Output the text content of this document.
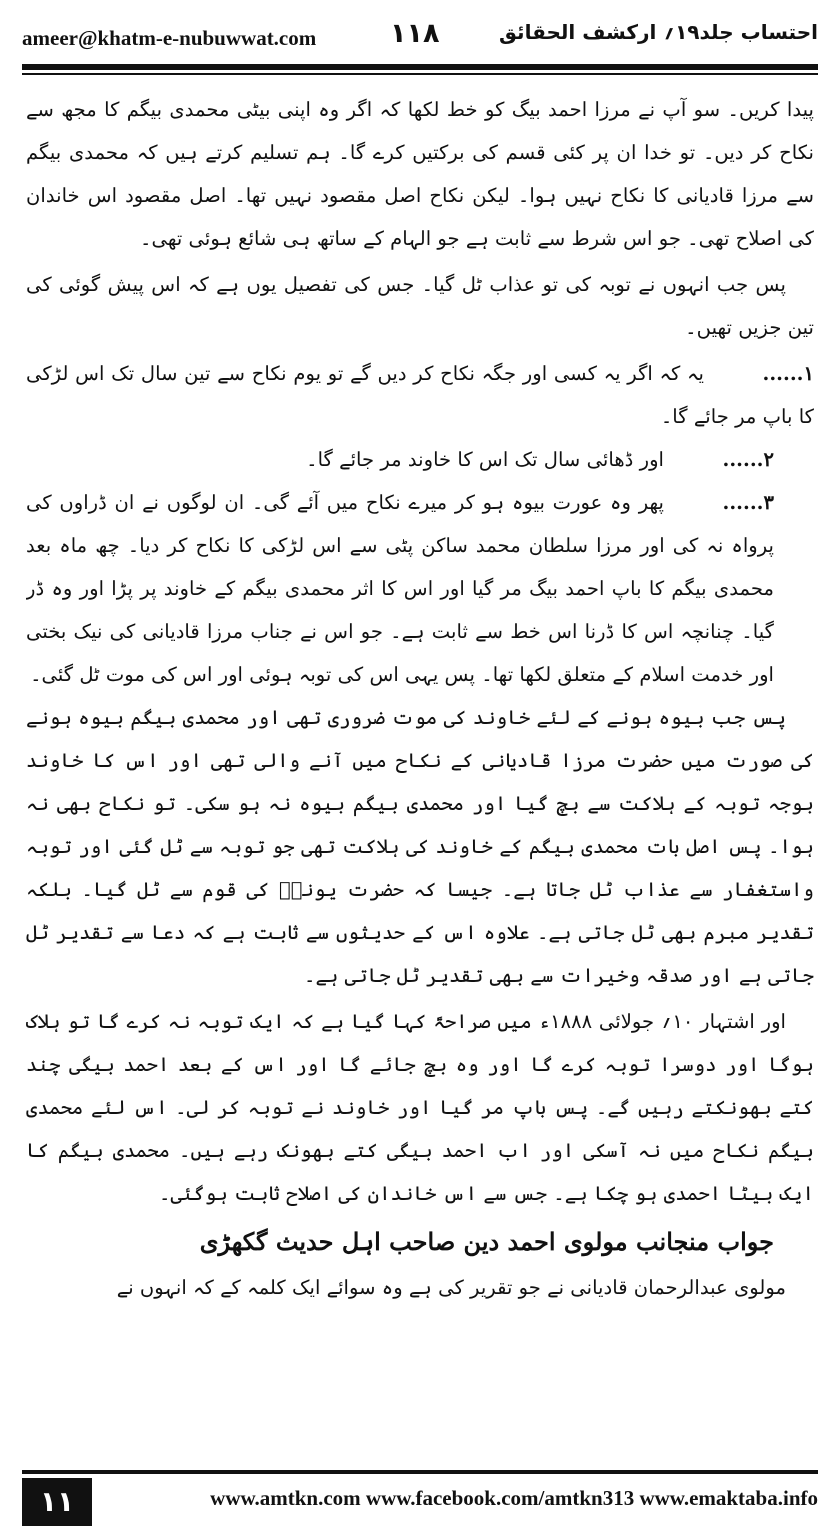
ameer@khatm-e-nubuwwat.com	۱۱۸	احتساب جلد۱۹؍ ارکشف الحقائق

پیدا کریں۔ سو آپ نے مرزا احمد بیگ کو خط لکھا کہ اگر وہ اپنی بیٹی محمدی بیگم کا مجھ سے نکاح کر دیں۔ تو خدا ان پر کئی قسم کی برکتیں کرے گا۔ ہم تسلیم کرتے ہیں کہ محمدی بیگم سے مرزا قادیانی کا نکاح نہیں ہوا۔ لیکن نکاح اصل مقصود نہیں تھا۔ اصل مقصود اس خاندان کی اصلاح تھی۔ جو اس شرط سے ثابت ہے جو الہام کے ساتھ ہی شائع ہوئی تھی۔

پس جب انہوں نے توبہ کی تو عذاب ٹل گیا۔ جس کی تفصیل یوں ہے کہ اس پیش گوئی کی تین جزیں تھیں۔

۱......یہ کہ اگر یہ کسی اور جگہ نکاح کر دیں گے تو یوم نکاح سے تین سال تک اس لڑکی کا باپ مر جائے گا۔

۲......اور ڈھائی سال تک اس کا خاوند مر جائے گا۔

۳......پھر وہ عورت بیوہ ہو کر میرے نکاح میں آئے گی۔ ان لوگوں نے ان ڈراوں کی پرواہ نہ کی اور مرزا سلطان محمد ساکن پٹی سے اس لڑکی کا نکاح کر دیا۔ چھ ماہ بعد محمدی بیگم کا باپ احمد بیگ مر گیا اور اس کا اثر محمدی بیگم کے خاوند پر پڑا اور وہ ڈر گیا۔ چنانچہ اس کا ڈرنا اس خط سے ثابت ہے۔ جو اس نے جناب مرزا قادیانی کی نیک بختی اور خدمت اسلام کے متعلق لکھا تھا۔ پس یہی اس کی توبہ ہوئی اور اس کی موت ٹل گئی۔

پس جب بیوہ ہونے کے لئے خاوند کی موت ضروری تھی اور محمدی بیگم بیوہ ہونے کی صورت میں حضرت مرزا قادیانی کے نکاح میں آنے والی تھی اور اس کا خاوند بوجہ توبہ کے ہلاکت سے بچ گیا اور محمدی بیگم بیوہ نہ ہو سکی۔ تو نکاح بھی نہ ہوا۔ پس اصل بات محمدی بیگم کے خاوند کی ہلاکت تھی جو توبہ سے ٹل گئی اور توبہ واستغفار سے عذاب ٹل جاتا ہے۔ جیسا کہ حضرت یونسؑ کی قوم سے ٹل گیا۔ بلکہ تقدیر مبرم بھی ٹل جاتی ہے۔ علاوہ اس کے حدیثوں سے ثابت ہے کہ دعا سے تقدیر ٹل جاتی ہے اور صدقہ وخیرات سے بھی تقدیر ٹل جاتی ہے۔

اور اشتہار ۱۰؍ جولائی ۱۸۸۸ء میں صراحۃً کہا گیا ہے کہ ایک توبہ نہ کرے گا تو ہلاک ہوگا اور دوسرا توبہ کرے گا اور وہ بچ جائے گا اور اس کے بعد احمد بیگی چند کتے بھونکتے رہیں گے۔ پس باپ مر گیا اور خاوند نے توبہ کر لی۔ اس لئے محمدی بیگم نکاح میں نہ آسکی اور اب احمد بیگی کتے بھونک رہے ہیں۔ محمدی بیگم کا ایک بیٹا احمدی ہو چکا ہے۔ جس سے اس خاندان کی اصلاح ثابت ہوگئی۔

جواب منجانب مولوی احمد دین صاحب اہل حدیث گکھڑی

مولوی عبدالرحمان قادیانی نے جو تقریر کی ہے وہ سوائے ایک کلمہ کے کہ انہوں نے

۱۱	www.amtkn.com www.facebook.com/amtkn313 www.emaktaba.info
